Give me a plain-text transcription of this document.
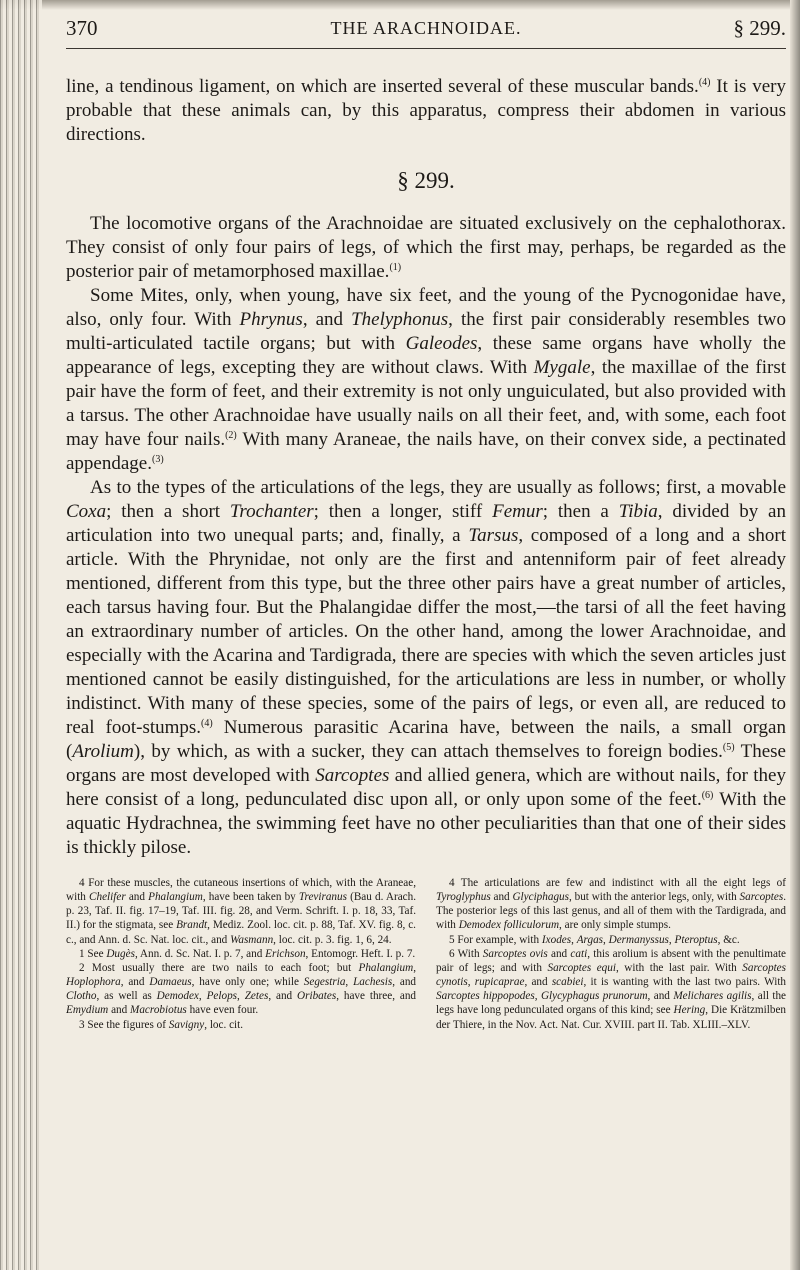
370	THE ARACHNOIDAE.	§ 299.

line, a tendinous ligament, on which are inserted several of these muscular bands.$^{(4)}$ It is very probable that these animals can, by this apparatus, compress their abdomen in various directions.

§ 299.

The locomotive organs of the Arachnoidae are situated exclusively on the cephalothorax. They consist of only four pairs of legs, of which the first may, perhaps, be regarded as the posterior pair of metamorphosed maxillae.$^{(1)}$

Some Mites, only, when young, have six feet, and the young of the Pycnogonidae have, also, only four. With Phrynus, and Thelyphonus, the first pair considerably resembles two multi-articulated tactile organs; but with Galeodes, these same organs have wholly the appearance of legs, excepting they are without claws. With Mygale, the maxillae of the first pair have the form of feet, and their extremity is not only unguiculated, but also provided with a tarsus. The other Arachnoidae have usually nails on all their feet, and, with some, each foot may have four nails.$^{(2)}$ With many Araneae, the nails have, on their convex side, a pectinated appendage.$^{(3)}$

As to the types of the articulations of the legs, they are usually as follows; first, a movable Coxa; then a short Trochanter; then a longer, stiff Femur; then a Tibia, divided by an articulation into two unequal parts; and, finally, a Tarsus, composed of a long and a short article. With the Phrynidae, not only are the first and antenniform pair of feet already mentioned, different from this type, but the three other pairs have a great number of articles, each tarsus having four. But the Phalangidae differ the most,—the tarsi of all the feet having an extraordinary number of articles. On the other hand, among the lower Arachnoidae, and especially with the Acarina and Tardigrada, there are species with which the seven articles just mentioned cannot be easily distinguished, for the articulations are less in number, or wholly indistinct. With many of these species, some of the pairs of legs, or even all, are reduced to real foot-stumps.$^{(4)}$ Numerous parasitic Acarina have, between the nails, a small organ (Arolium), by which, as with a sucker, they can attach themselves to foreign bodies.$^{(5)}$ These organs are most developed with Sarcoptes and allied genera, which are without nails, for they here consist of a long, pedunculated disc upon all, or only upon some of the feet.$^{(6)}$ With the aquatic Hydrachnea, the swimming feet have no other peculiarities than that one of their sides is thickly pilose.

4 For these muscles, the cutaneous insertions of which, with the Araneae, with Chelifer and Phalangium, have been taken by Treviranus (Bau d. Arach. p. 23, Taf. II. fig. 17–19, Taf. III. fig. 28, and Verm. Schrift. I. p. 18, 33, Taf. II.) for the stigmata, see Brandt, Mediz. Zool. loc. cit. p. 88, Taf. XV. fig. 8, c. c., and Ann. d. Sc. Nat. loc. cit., and Wasmann, loc. cit. p. 3. fig. 1, 6, 24.

1 See Dugès, Ann. d. Sc. Nat. I. p. 7, and Erichson, Entomogr. Heft. I. p. 7.

2 Most usually there are two nails to each foot; but Phalangium, Hoplophora, and Damaeus, have only one; while Segestria, Lachesis, and Clotho, as well as Demodex, Pelops, Zetes, and Oribates, have three, and Emydium and Macrobiotus have even four.

3 See the figures of Savigny, loc. cit.

4 The articulations are few and indistinct with all the eight legs of Tyroglyphus and Glyciphagus, but with the anterior legs, only, with Sarcoptes. The posterior legs of this last genus, and all of them with the Tardigrada, and with Demodex folliculorum, are only simple stumps.

5 For example, with Ixodes, Argas, Dermanyssus, Pteroptus, &c.

6 With Sarcoptes ovis and cati, this arolium is absent with the penultimate pair of legs; and with Sarcoptes equi, with the last pair. With Sarcoptes cynotis, rupicaprae, and scabiei, it is wanting with the last two pairs. With Sarcoptes hippopodes, Glycyphagus prunorum, and Melichares agilis, all the legs have long pedunculated organs of this kind; see Hering, Die Krätzmilben der Thiere, in the Nov. Act. Nat. Cur. XVIII. part II. Tab. XLIII.–XLV.
